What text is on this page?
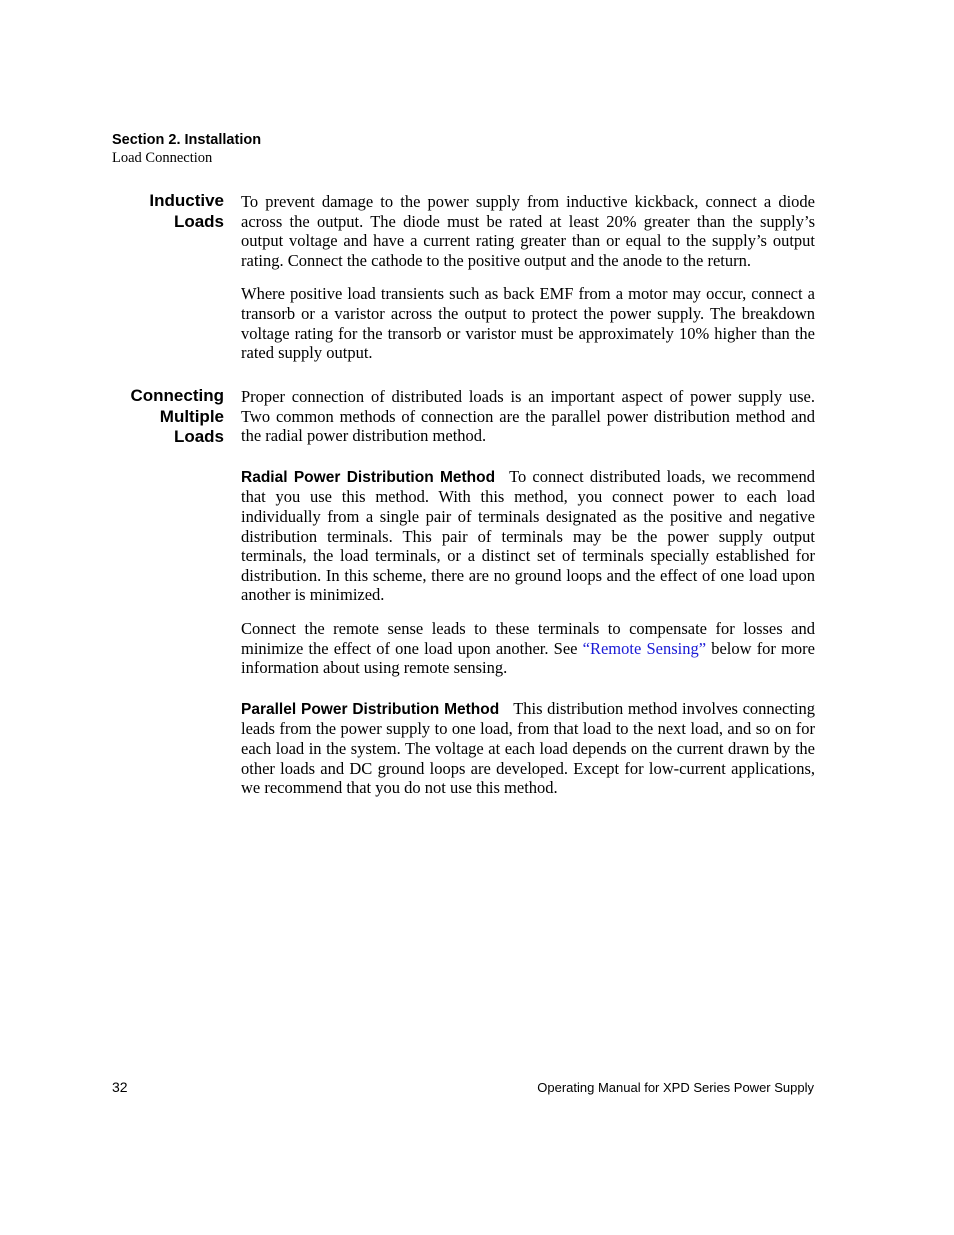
Section 2. Installation
Load Connection
Inductive
Loads

To prevent damage to the power supply from inductive kickback, connect a diode across the output. The diode must be rated at least 20% greater than the supply’s output voltage and have a current rating greater than or equal to the supply’s output rating. Connect the cathode to the positive output and the anode to the return.

Where positive load transients such as back EMF from a motor may occur, connect a transorb or a varistor across the output to protect the power supply. The breakdown voltage rating for the transorb or varistor must be approximately 10% higher than the rated supply output.

Connecting
Multiple
Loads

Proper connection of distributed loads is an important aspect of power supply use. Two common methods of connection are the parallel power distribution method and the radial power distribution method.

Radial Power Distribution Method To connect distributed loads, we recommend that you use this method. With this method, you connect power to each load individually from a single pair of terminals designated as the positive and negative distribution terminals. This pair of terminals may be the power supply output terminals, the load terminals, or a distinct set of terminals specially established for distribution. In this scheme, there are no ground loops and the effect of one load upon another is minimized.

Connect the remote sense leads to these terminals to compensate for losses and minimize the effect of one load upon another. See “Remote Sensing” below for more information about using remote sensing.

Parallel Power Distribution Method This distribution method involves connecting leads from the power supply to one load, from that load to the next load, and so on for each load in the system. The voltage at each load depends on the current drawn by the other loads and DC ground loops are developed. Except for low-current applications, we recommend that you do not use this method.

32	Operating Manual for XPD Series Power Supply
